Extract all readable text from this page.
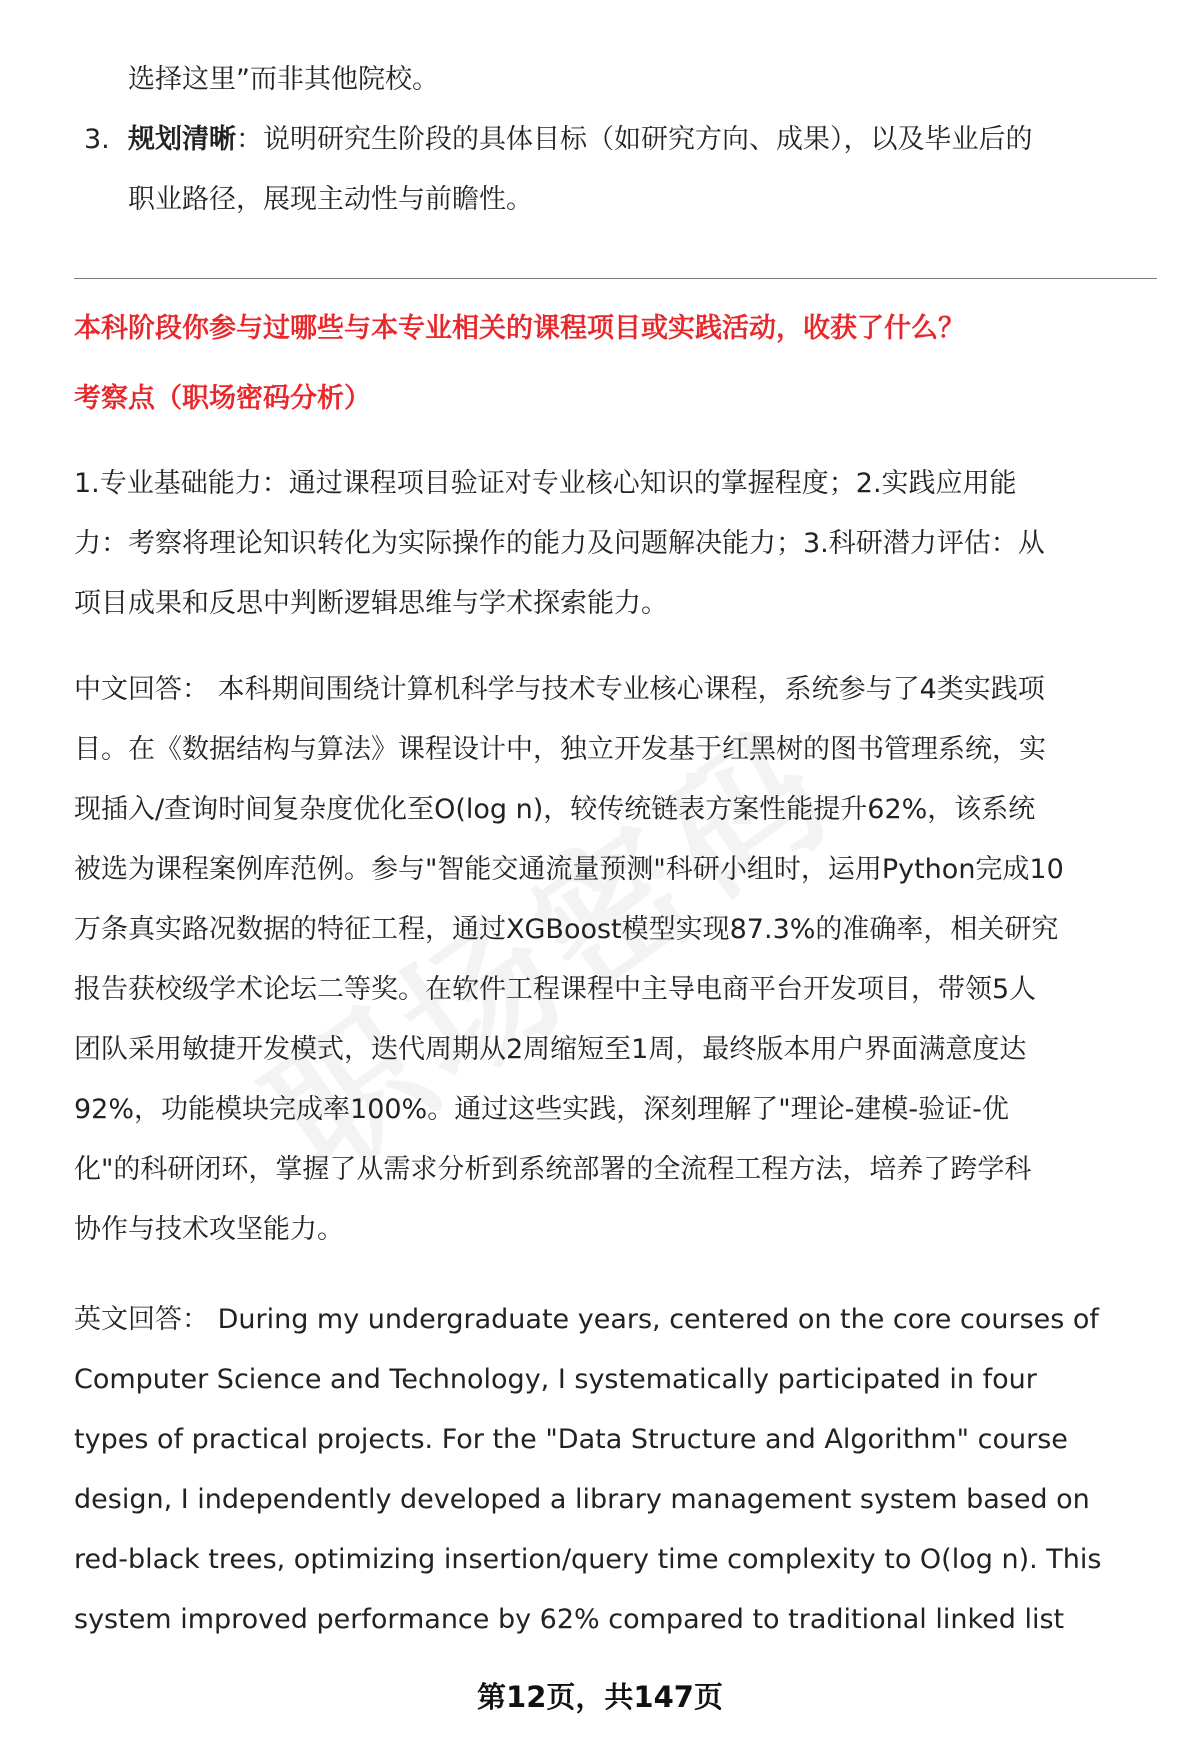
选择这里”而非其他院校。
3. 规划清晰：说明研究生阶段的具体目标（如研究方向、成果），以及毕业后的
职业路径，展现主动性与前瞻性。
本科阶段你参与过哪些与本专业相关的课程项目或实践活动，收获了什么？
考察点（职场密码分析）
1.专业基础能力：通过课程项目验证对专业核心知识的掌握程度；2.实践应用能
力：考察将理论知识转化为实际操作的能力及问题解决能力；3.科研潜力评估：从
项目成果和反思中判断逻辑思维与学术探索能力。
中文回答： 本科期间围绕计算机科学与技术专业核心课程，系统参与了4类实践项
目。在《数据结构与算法》课程设计中，独立开发基于红黑树的图书管理系统，实
现插入/查询时间复杂度优化至O(log n)，较传统链表方案性能提升62%，该系统
被选为课程案例库范例。参与"智能交通流量预测"科研小组时，运用Python完成10
万条真实路况数据的特征工程，通过XGBoost模型实现87.3%的准确率，相关研究
报告获校级学术论坛二等奖。在软件工程课程中主导电商平台开发项目，带领5人
团队采用敏捷开发模式，迭代周期从2周缩短至1周，最终版本用户界面满意度达
92%，功能模块完成率100%。通过这些实践，深刻理解了"理论-建模-验证-优
化"的科研闭环，掌握了从需求分析到系统部署的全流程工程方法，培养了跨学科
协作与技术攻坚能力。
英文回答： During my undergraduate years, centered on the core courses of
Computer Science and Technology, I systematically participated in four
types of practical projects. For the "Data Structure and Algorithm" course
design, I independently developed a library management system based on
red-black trees, optimizing insertion/query time complexity to O(log n). This
system improved performance by 62% compared to traditional linked list
第12页，共147页
